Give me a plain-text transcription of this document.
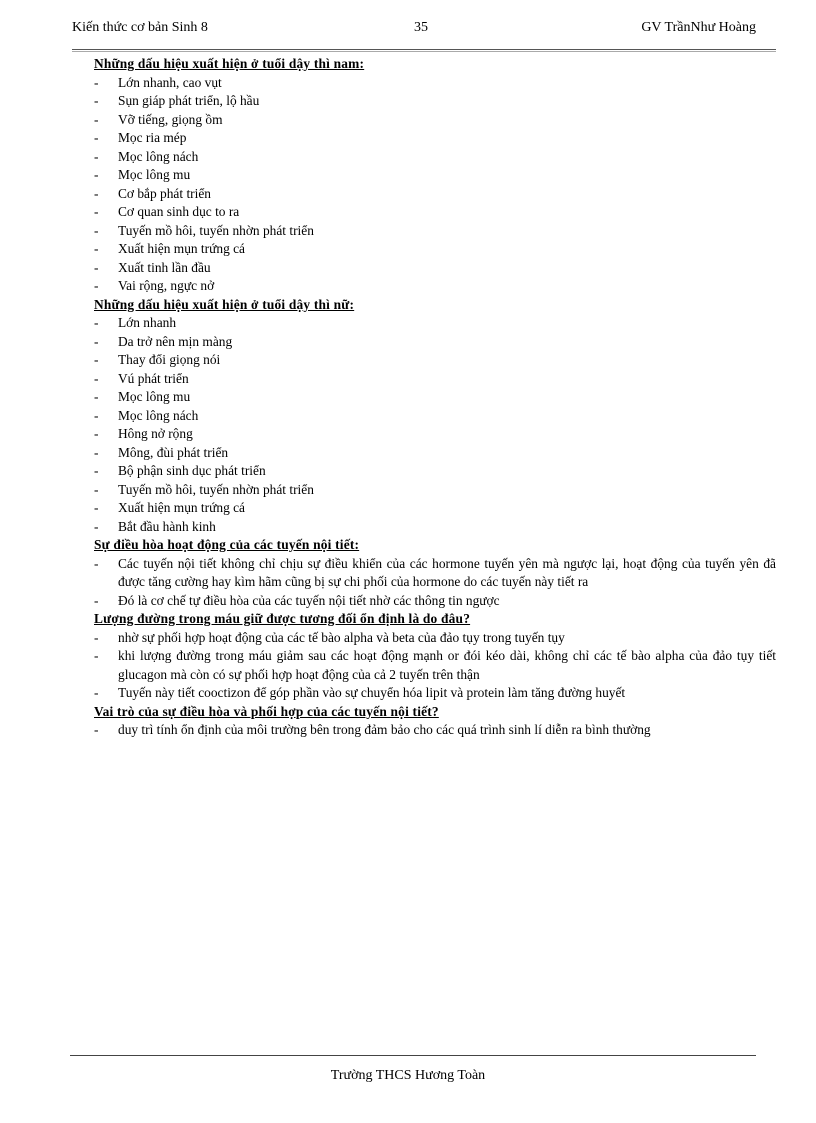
Kiến thức cơ bản Sinh 8	35	GV TrầnNhư Hoàng
Những dấu hiệu xuất hiện ở tuổi dậy thì nam:
- Lớn nhanh, cao vụt
- Sụn giáp phát triển, lộ hầu
- Vỡ tiếng, giọng ồm
- Mọc ria mép
- Mọc lông nách
- Mọc lông mu
- Cơ bắp phát triển
- Cơ quan sinh dục to ra
- Tuyến mồ hôi, tuyến nhờn phát triển
- Xuất hiện mụn trứng cá
- Xuất tinh lần đầu
- Vai rộng, ngực nở
Những dấu hiệu xuất hiện ở tuổi dậy thì nữ:
- Lớn nhanh
- Da trở nên mịn màng
- Thay đổi giọng nói
- Vú phát triển
- Mọc lông mu
- Mọc lông nách
- Hông nở rộng
- Mông, đùi phát triển
- Bộ phận sinh dục phát triển
- Tuyến mồ hôi, tuyến nhờn phát triển
- Xuất hiện mụn trứng cá
- Bắt đầu hành kinh
Sự điều hòa hoạt động của các tuyến nội tiết:
- Các tuyến nội tiết không chỉ chịu sự điều khiển của các hormone tuyến yên mà ngược lại, hoạt động của tuyến yên đã được tăng cường hay kìm hãm cũng bị sự chi phối của hormone do các tuyến này tiết ra
- Đó là cơ chế tự điều hòa của các tuyến nội tiết nhờ các thông tin ngược
Lượng đường trong máu giữ được tương đối ổn định là do đâu?
- nhờ sự phối hợp hoạt động của các tế bào alpha và beta của đảo tụy trong tuyến tụy
- khi lượng đường trong máu giảm sau các hoạt động mạnh or đói kéo dài, không chỉ các tế bào alpha của đảo tụy tiết glucagon mà còn có sự phối hợp hoạt động của cả 2 tuyến trên thận
- Tuyến này tiết cooctizon để góp phần vào sự chuyển hóa lipit và protein làm tăng đường huyết
Vai trò của sự điều hòa và phối hợp của các tuyến nội tiết?
- duy trì tính ổn định của môi trường bên trong đảm bảo cho các quá trình sinh lí diễn ra bình thường
Trường THCS Hương Toàn
